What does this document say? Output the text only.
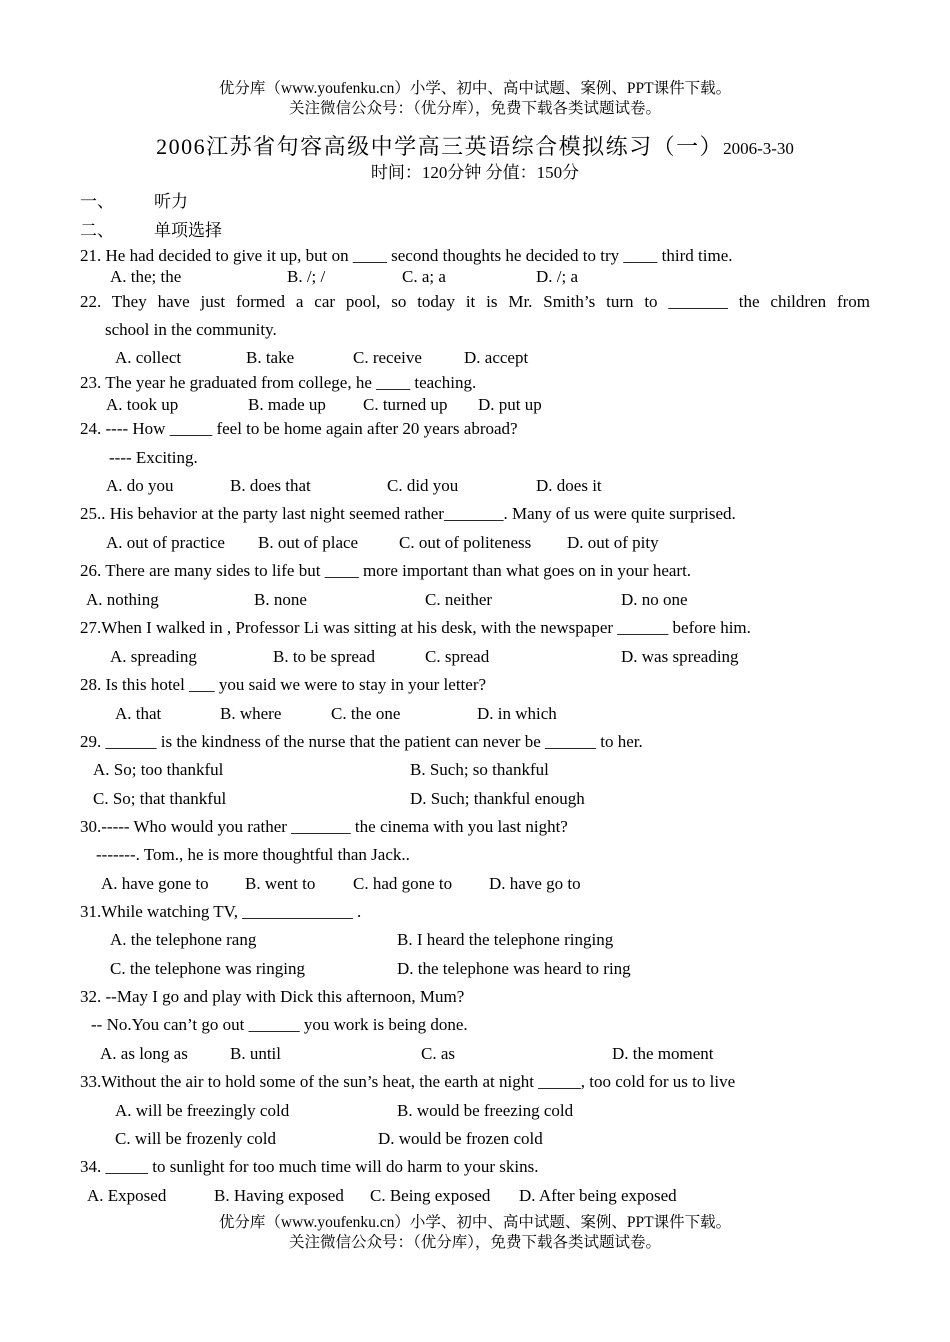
优分库（www.youfenku.cn）小学、初中、高中试题、案例、PPT课件下载。
关注微信公众号：（优分库），免费下载各类试题试卷。
2006江苏省句容高级中学高三英语综合模拟练习（一）2006-3-30
时间：120分钟 分值：150分
一、 听力
二、 单项选择
21. He had decided to give it up, but on ____ second thoughts he decided to try ____ third time.
A. the; the	B. /; /	C. a; a	D. /; a
22. They have just formed a car pool, so today it is Mr. Smith’s turn to _______ the children from
school in the community.
A. collect	B. take	C. receive D. accept
23. The year he graduated from college, he ____ teaching.
A. took up	B. made up C. turned up D. put up
24. ---- How _____ feel to be home again after 20 years abroad?
---- Exciting.
A. do you	B. does that	C. did you	D. does it
25.. His behavior at the party last night seemed rather_______. Many of us were quite surprised.
A. out of practice B. out of place C. out of politeness D. out of pity
26. There are many sides to life but ____ more important than what goes on in your heart.
A. nothing	B. none	C. neither	D. no one
27.When I walked in , Professor Li was sitting at his desk, with the newspaper ______ before him.
A. spreading	B. to be spread	C. spread	D. was spreading
28. Is this hotel ___ you said we were to stay in your letter?
A. that	B. where	C. the one	D. in which
29. ______ is the kindness of the nurse that the patient can never be ______ to her.
A. So; too thankful	B. Such; so thankful
C. So; that thankful	D. Such; thankful enough
30.----- Who would you rather _______ the cinema with you last night?
-------. Tom., he is more thoughtful than Jack..
A. have gone to B. went to C. had gone to D. have go to
31.While watching TV, _____________ .
A. the telephone rang	B. I heard the telephone ringing
C. the telephone was ringing	D. the telephone was heard to ring
32. --May I go and play with Dick this afternoon, Mum?
-- No.You can’t go out ______ you work is being done.
A. as long as B. until	C. as	D. the moment
33.Without the air to hold some of the sun’s heat, the earth at night _____, too cold for us to live
A. will be freezingly cold	B. would be freezing cold
C. will be frozenly cold	D. would be frozen cold
34. _____ to sunlight for too much time will do harm to your skins.
A. Exposed	B. Having exposed C. Being exposed D. After being exposed
优分库（www.youfenku.cn）小学、初中、高中试题、案例、PPT课件下载。
关注微信公众号：（优分库），免费下载各类试题试卷。
